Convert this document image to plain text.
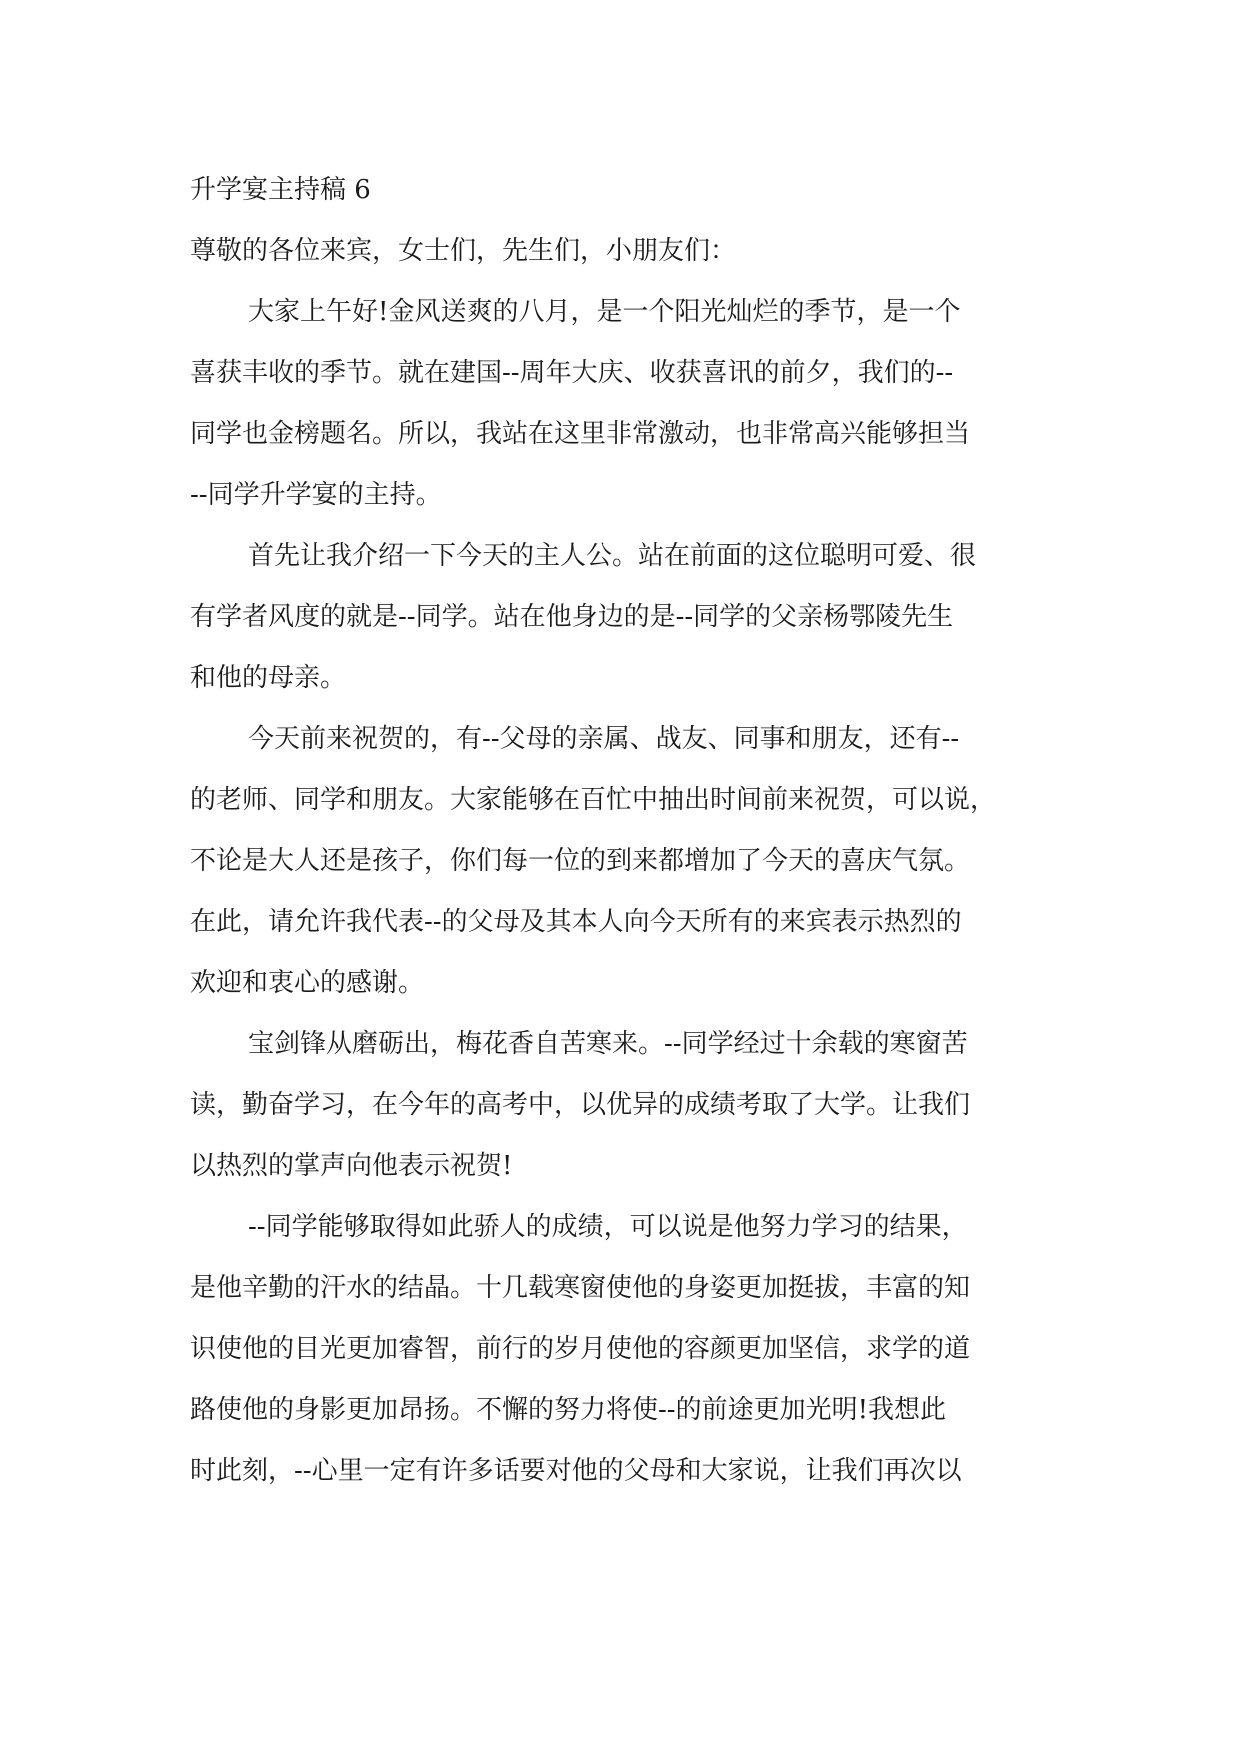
升学宴主持稿 6
尊敬的各位来宾，女士们，先生们，小朋友们：
大家上午好!金风送爽的八月，是一个阳光灿烂的季节，是一个
喜获丰收的季节。就在建国--周年大庆、收获喜讯的前夕，我们的--
同学也金榜题名。所以，我站在这里非常激动，也非常高兴能够担当
--同学升学宴的主持。
首先让我介绍一下今天的主人公。站在前面的这位聪明可爱、很
有学者风度的就是--同学。站在他身边的是--同学的父亲杨鄂陵先生
和他的母亲。
今天前来祝贺的，有--父母的亲属、战友、同事和朋友，还有--
的老师、同学和朋友。大家能够在百忙中抽出时间前来祝贺，可以说，
不论是大人还是孩子，你们每一位的到来都增加了今天的喜庆气氛。
在此，请允许我代表--的父母及其本人向今天所有的来宾表示热烈的
欢迎和衷心的感谢。
宝剑锋从磨砺出，梅花香自苦寒来。--同学经过十余载的寒窗苦
读，勤奋学习，在今年的高考中，以优异的成绩考取了大学。让我们
以热烈的掌声向他表示祝贺!
--同学能够取得如此骄人的成绩，可以说是他努力学习的结果，
是他辛勤的汗水的结晶。十几载寒窗使他的身姿更加挺拔，丰富的知
识使他的目光更加睿智，前行的岁月使他的容颜更加坚信，求学的道
路使他的身影更加昂扬。不懈的努力将使--的前途更加光明!我想此
时此刻，--心里一定有许多话要对他的父母和大家说，让我们再次以
